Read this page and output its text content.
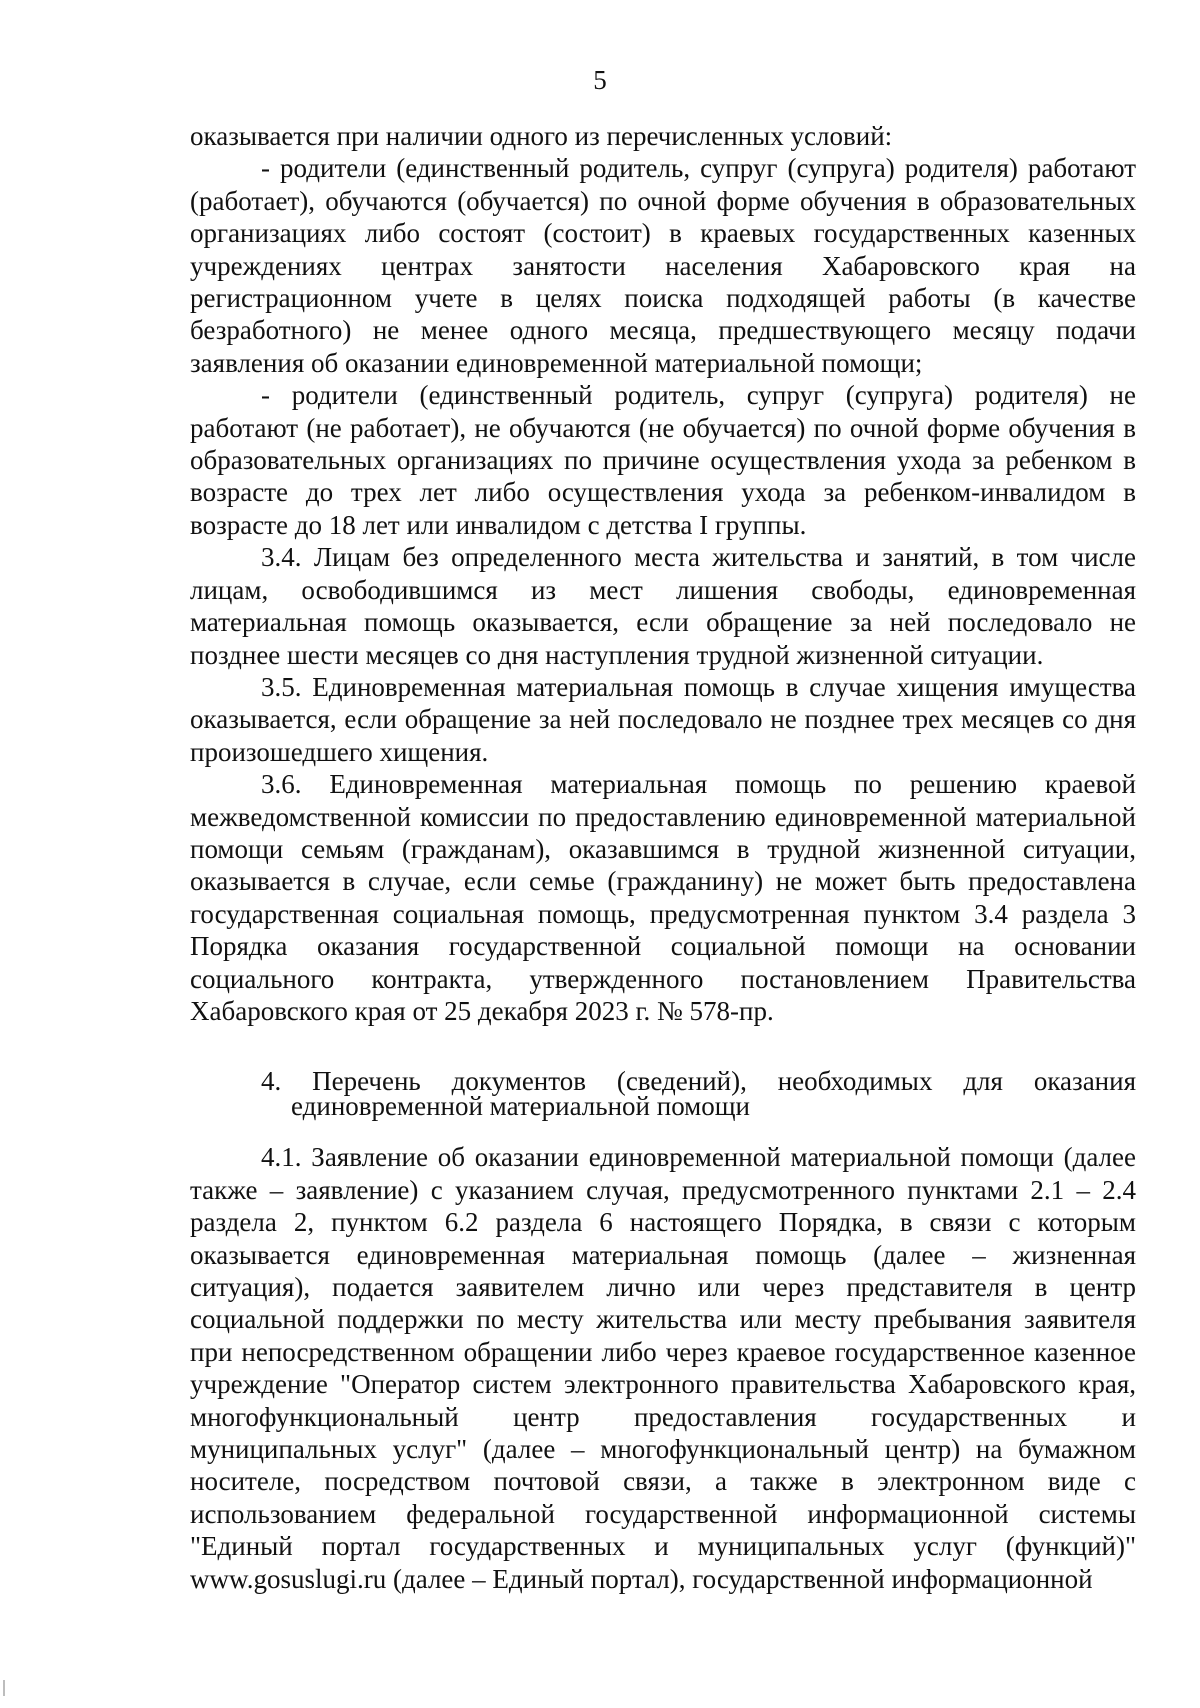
5

оказывается при наличии одного из перечисленных условий:

- родители (единственный родитель, супруг (супруга) родителя) работают (работает), обучаются (обучается) по очной форме обучения в образовательных организациях либо состоят (состоит) в краевых государственных казенных учреждениях центрах занятости населения Хабаровского края на регистрационном учете в целях поиска подходящей работы (в качестве безработного) не менее одного месяца, предшествующего месяцу подачи заявления об оказании единовременной материальной помощи;

- родители (единственный родитель, супруг (супруга) родителя) не работают (не работает), не обучаются (не обучается) по очной форме обучения в образовательных организациях по причине осуществления ухода за ребенком в возрасте до трех лет либо осуществления ухода за ребенком-инвалидом в возрасте до 18 лет или инвалидом с детства I группы.

3.4. Лицам без определенного места жительства и занятий, в том числе лицам, освободившимся из мест лишения свободы, единовременная материальная помощь оказывается, если обращение за ней последовало не позднее шести месяцев со дня наступления трудной жизненной ситуации.

3.5. Единовременная материальная помощь в случае хищения имущества оказывается, если обращение за ней последовало не позднее трех месяцев со дня произошедшего хищения.

3.6. Единовременная материальная помощь по решению краевой межведомственной комиссии по предоставлению единовременной материальной помощи семьям (гражданам), оказавшимся в трудной жизненной ситуации, оказывается в случае, если семье (гражданину) не может быть предоставлена государственная социальная помощь, предусмотренная пунктом 3.4 раздела 3 Порядка оказания государственной социальной помощи на основании социального контракта, утвержденного постановлением Правительства Хабаровского края от 25 декабря 2023 г. № 578-пр.

4. Перечень документов (сведений), необходимых для оказания
единовременной материальной помощи

4.1. Заявление об оказании единовременной материальной помощи (далее также – заявление) с указанием случая, предусмотренного пунктами 2.1 – 2.4 раздела 2, пунктом 6.2 раздела 6 настоящего Порядка, в связи с которым оказывается единовременная материальная помощь (далее – жизненная ситуация), подается заявителем лично или через представителя в центр социальной поддержки по месту жительства или месту пребывания заявителя при непосредственном обращении либо через краевое государственное казенное учреждение "Оператор систем электронного правительства Хабаровского края, многофункциональный центр предоставления государственных и муниципальных услуг" (далее – многофункциональный центр) на бумажном носителе, посредством почтовой связи, а также в электронном виде с использованием федеральной государственной информационной системы "Единый портал государственных и муниципальных услуг (функций)" www.gosuslugi.ru (далее – Единый портал), государственной информационной
